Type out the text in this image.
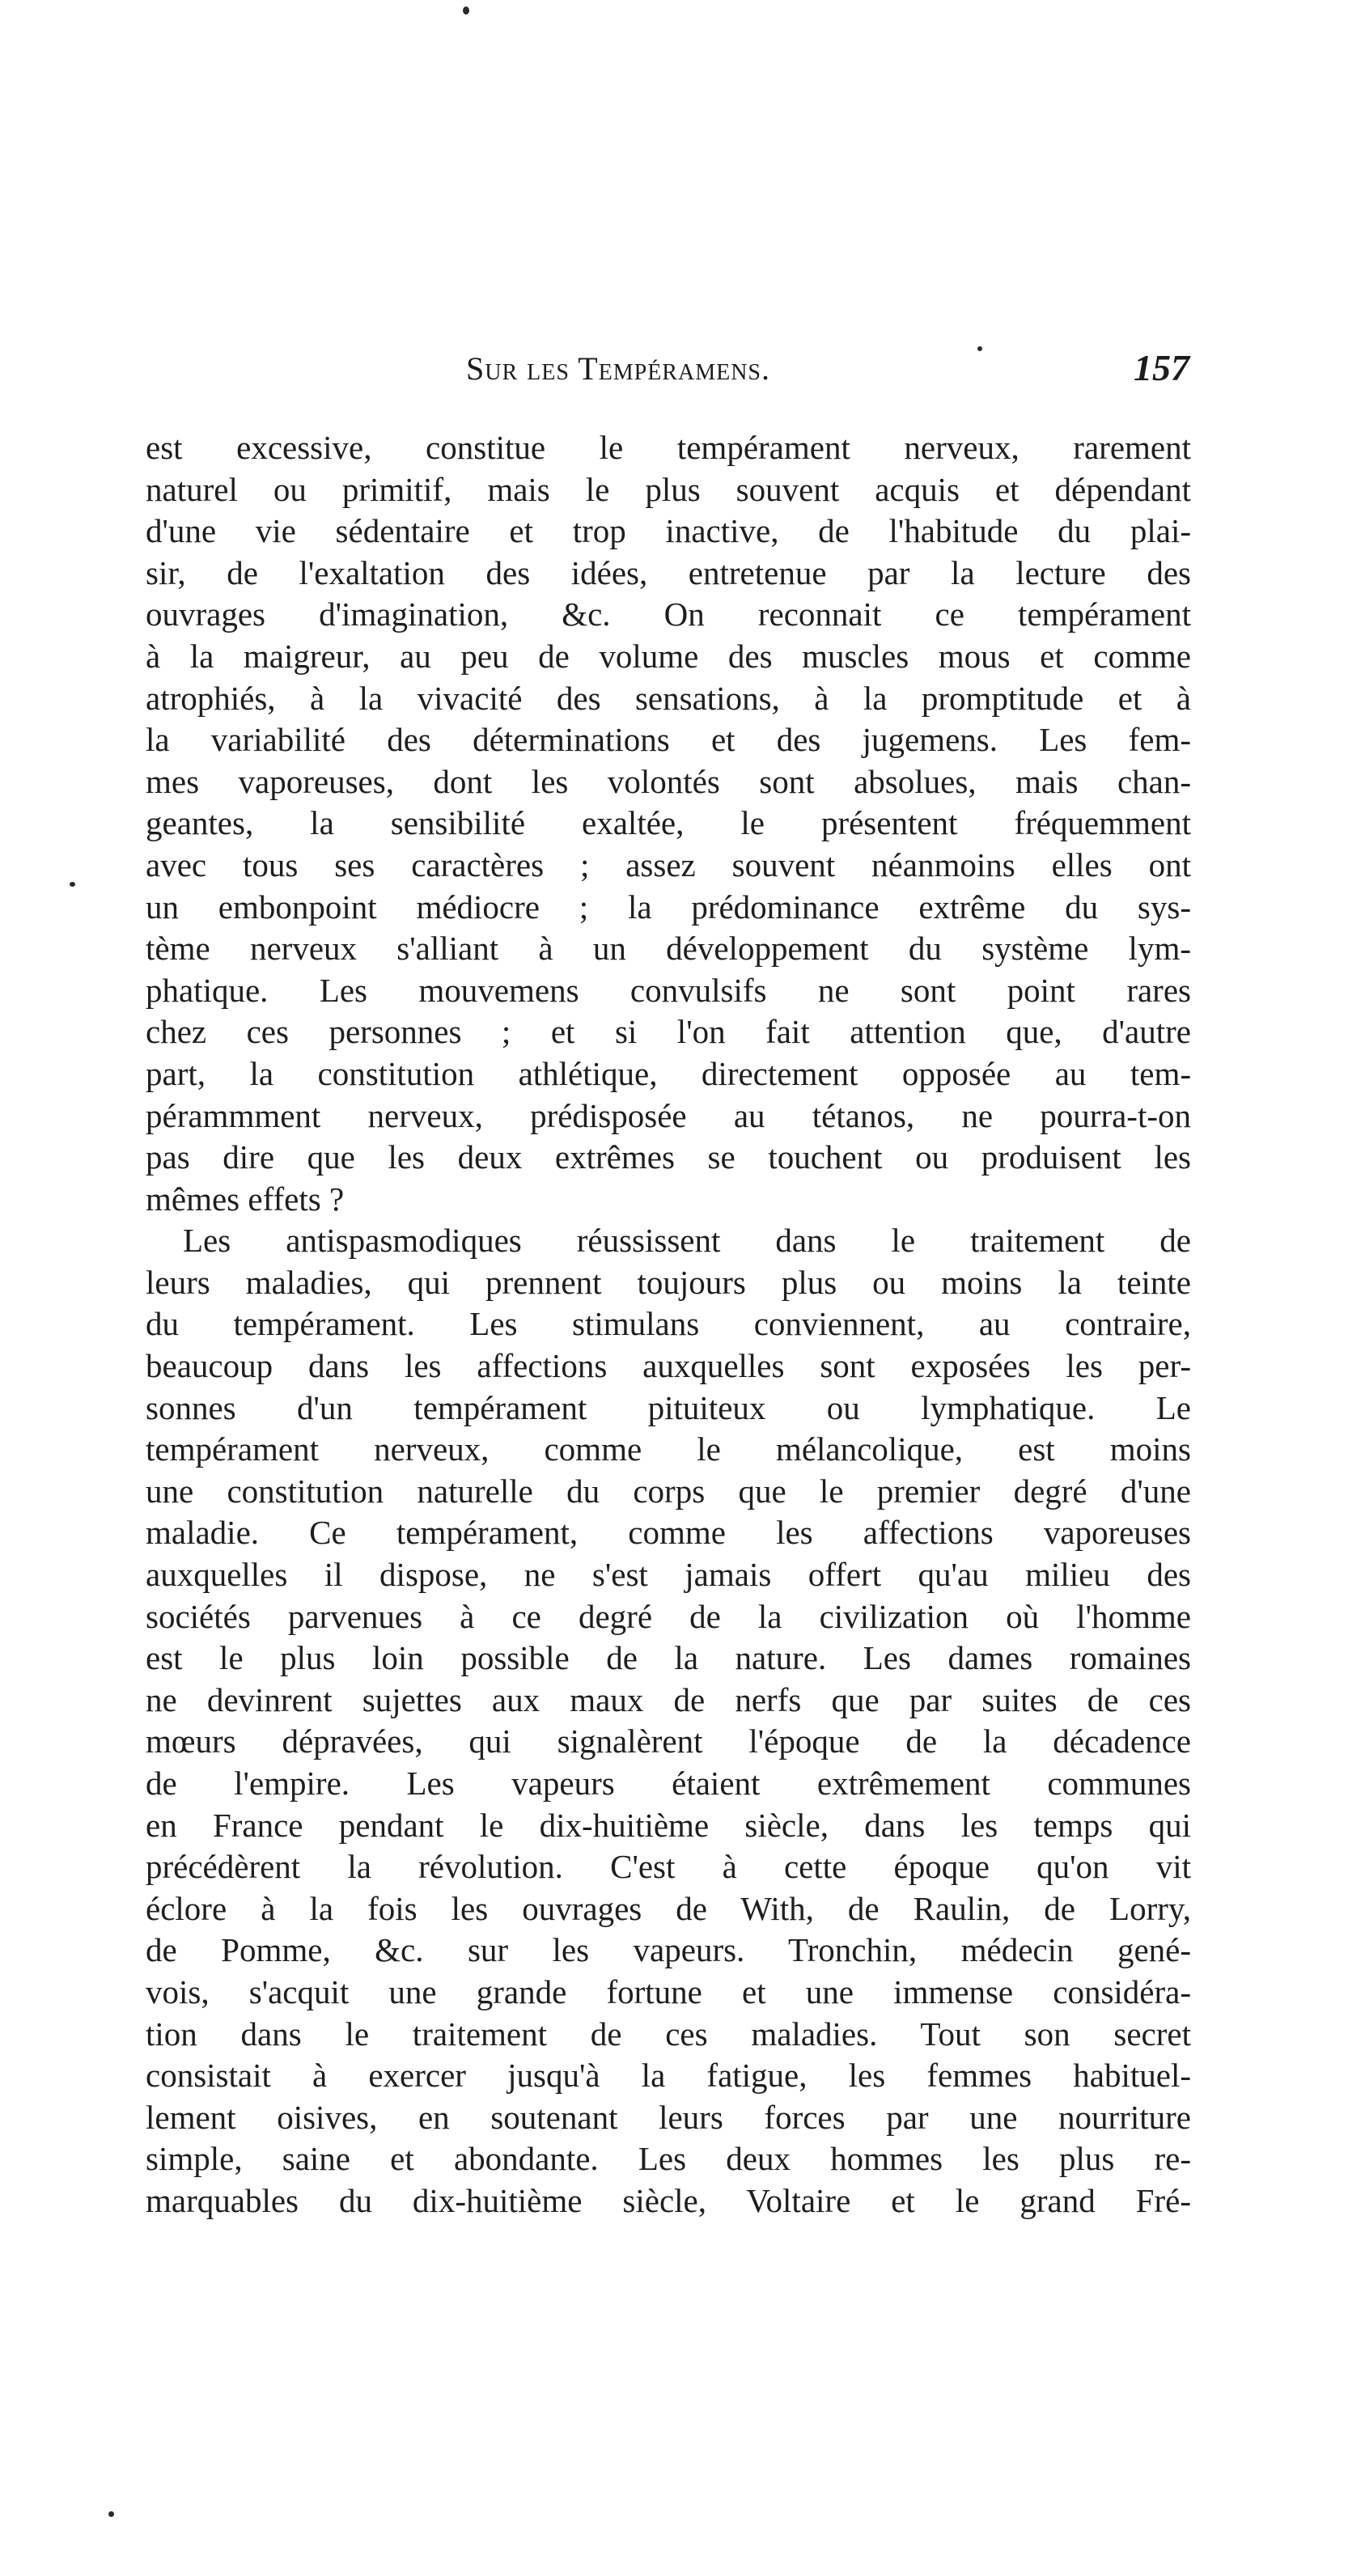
Sur les Tempéramens.	157
est excessive, constitue le tempérament nerveux, rarement
naturel ou primitif, mais le plus souvent acquis et dépendant
d'une vie sédentaire et trop inactive, de l'habitude du plai-
sir, de l'exaltation des idées, entretenue par la lecture des
ouvrages d'imagination, &c. On reconnait ce tempérament
à la maigreur, au peu de volume des muscles mous et comme
atrophiés, à la vivacité des sensations, à la promptitude et à
la variabilité des déterminations et des jugemens. Les fem-
mes vaporeuses, dont les volontés sont absolues, mais chan-
geantes, la sensibilité exaltée, le présentent fréquemment
avec tous ses caractères ; assez souvent néanmoins elles ont
un embonpoint médiocre ; la prédominance extrême du sys-
tème nerveux s'alliant à un développement du système lym-
phatique. Les mouvemens convulsifs ne sont point rares
chez ces personnes ; et si l'on fait attention que, d'autre
part, la constitution athlétique, directement opposée au tem-
pérammment nerveux, prédisposée au tétanos, ne pourra-t-on
pas dire que les deux extrêmes se touchent ou produisent les
mêmes effets ?
Les antispasmodiques réussissent dans le traitement de
leurs maladies, qui prennent toujours plus ou moins la teinte
du tempérament. Les stimulans conviennent, au contraire,
beaucoup dans les affections auxquelles sont exposées les per-
sonnes d'un tempérament pituiteux ou lymphatique. Le
tempérament nerveux, comme le mélancolique, est moins
une constitution naturelle du corps que le premier degré d'une
maladie. Ce tempérament, comme les affections vaporeuses
auxquelles il dispose, ne s'est jamais offert qu'au milieu des
sociétés parvenues à ce degré de la civilization où l'homme
est le plus loin possible de la nature. Les dames romaines
ne devinrent sujettes aux maux de nerfs que par suites de ces
mœurs dépravées, qui signalèrent l'époque de la décadence
de l'empire. Les vapeurs étaient extrêmement communes
en France pendant le dix-huitième siècle, dans les temps qui
précédèrent la révolution. C'est à cette époque qu'on vit
éclore à la fois les ouvrages de With, de Raulin, de Lorry,
de Pomme, &c. sur les vapeurs. Tronchin, médecin gené-
vois, s'acquit une grande fortune et une immense considéra-
tion dans le traitement de ces maladies. Tout son secret
consistait à exercer jusqu'à la fatigue, les femmes habituel-
lement oisives, en soutenant leurs forces par une nourriture
simple, saine et abondante. Les deux hommes les plus re-
marquables du dix-huitième siècle, Voltaire et le grand Fré-
